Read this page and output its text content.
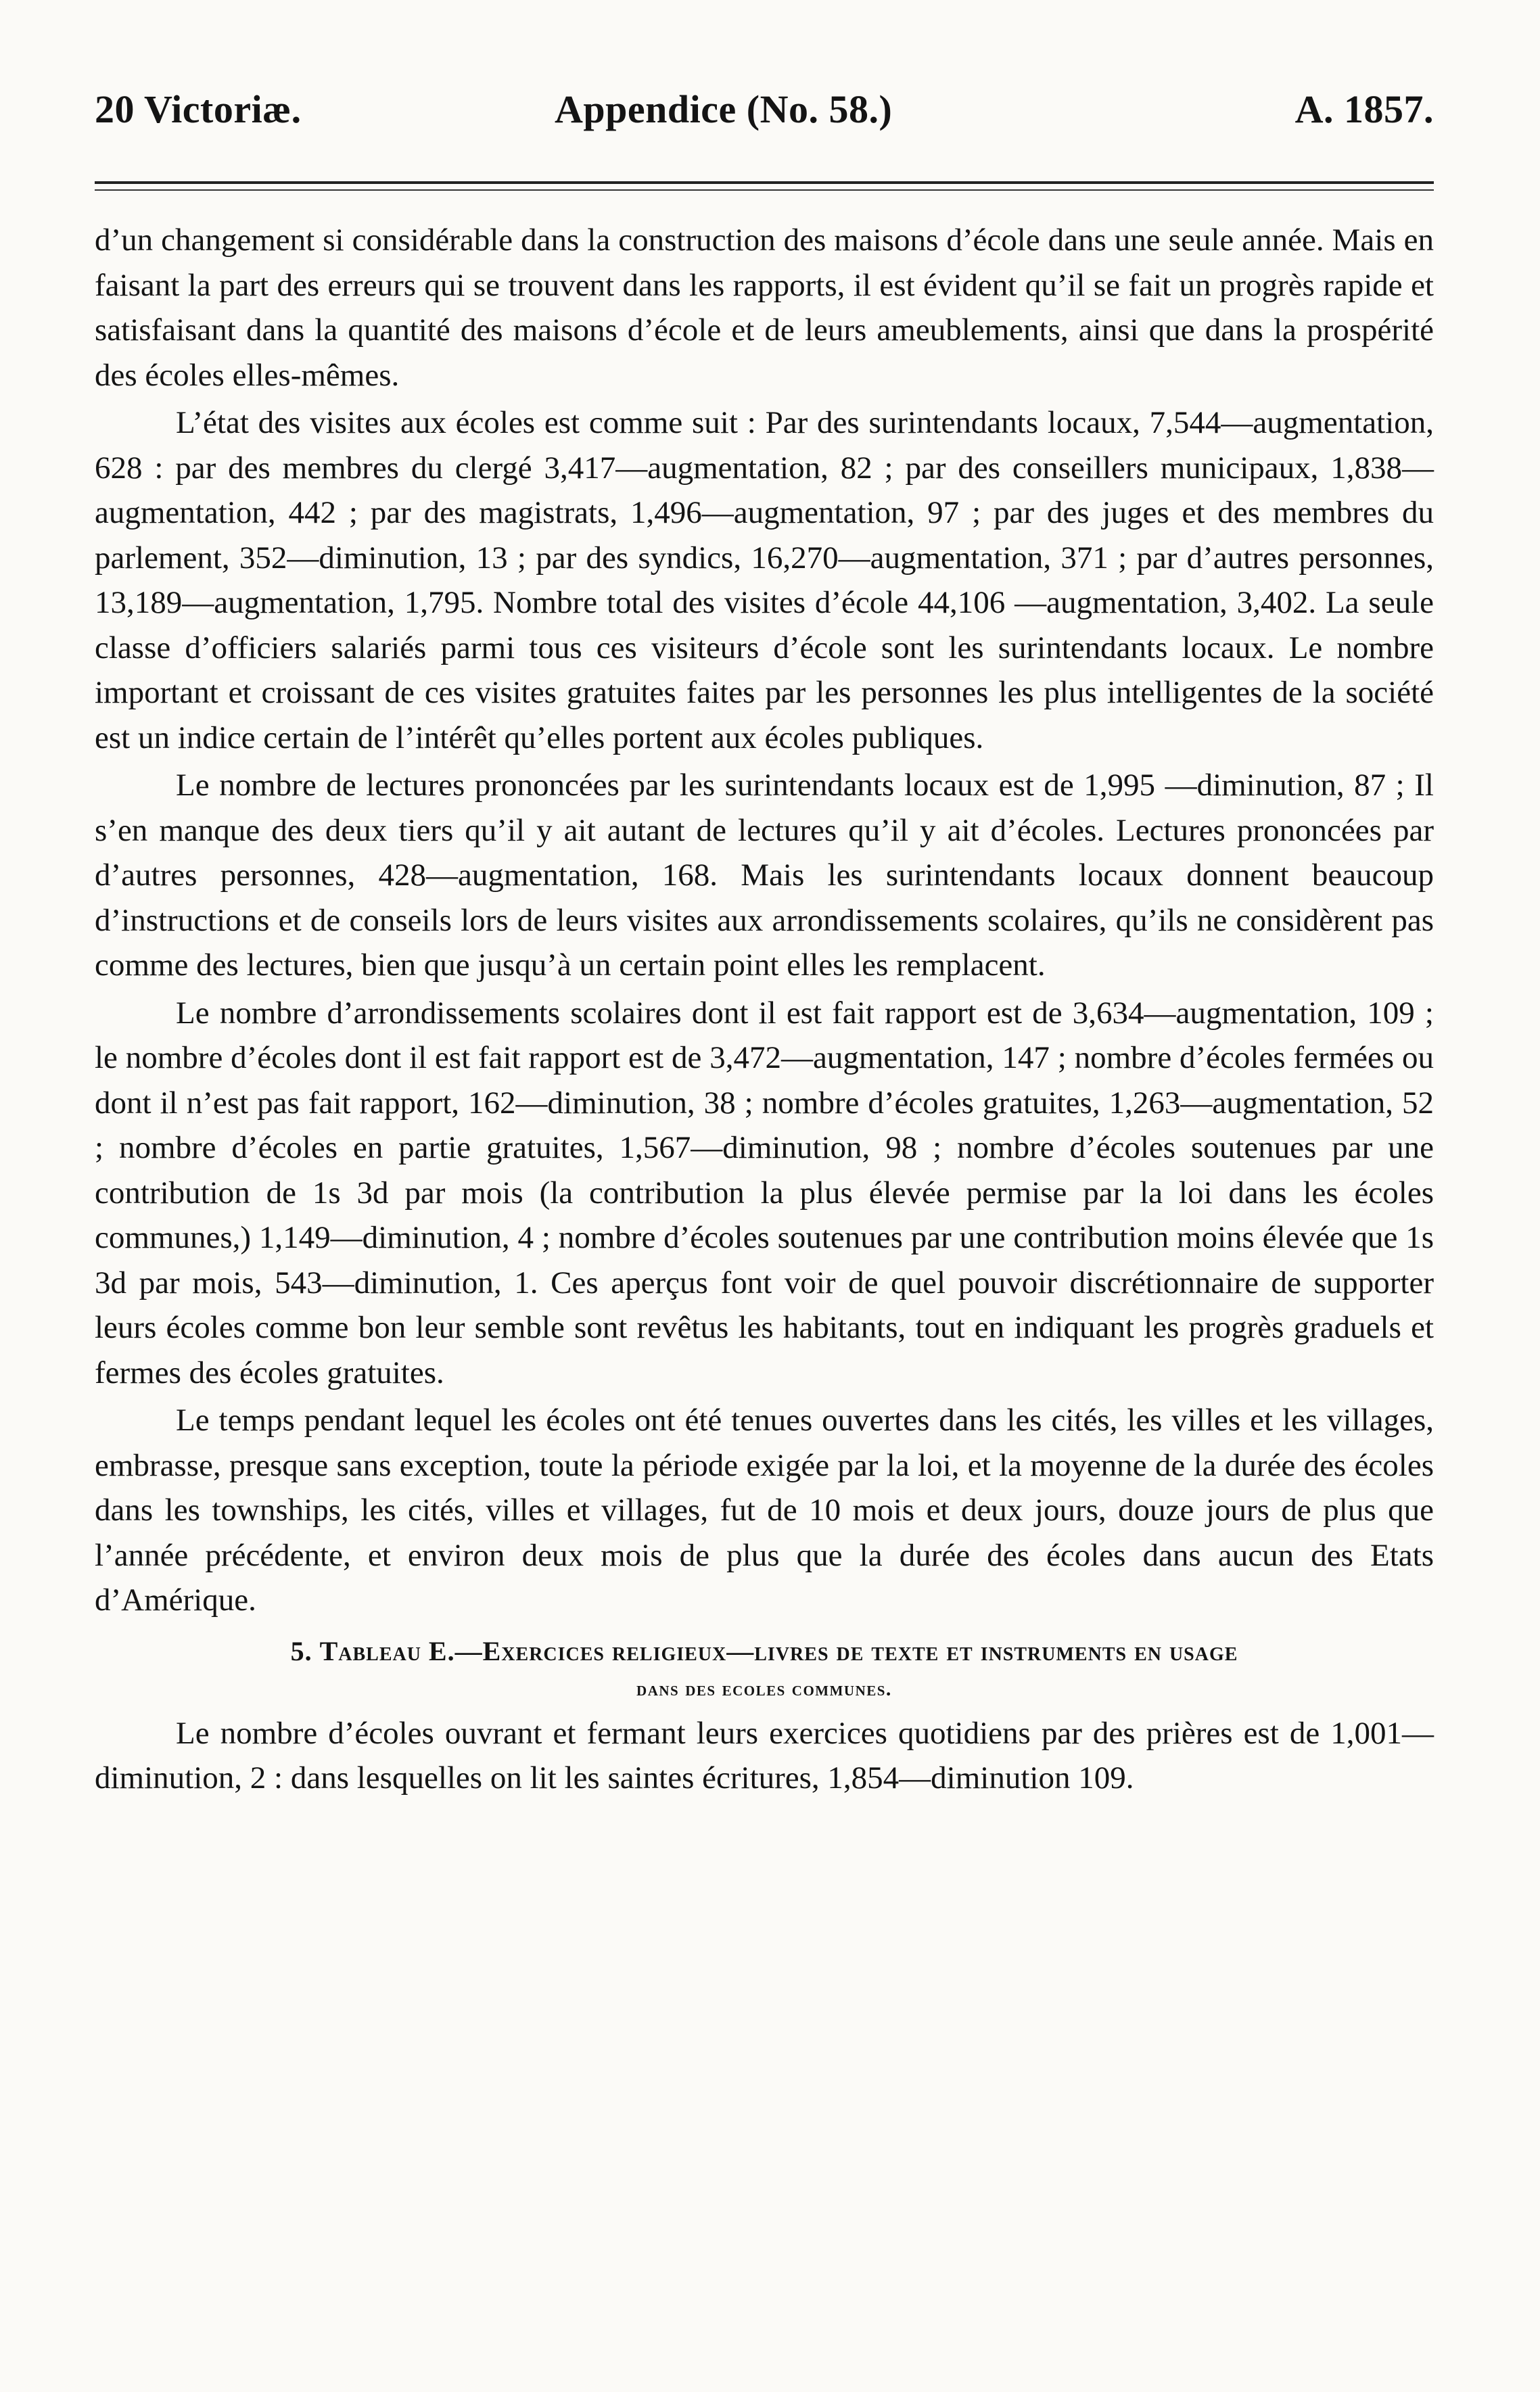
20 Victoriæ.	Appendice (No. 58.)	A. 1857.

d’un changement si considérable dans la construction des maisons d’école dans une seule année. Mais en faisant la part des erreurs qui se trouvent dans les rapports, il est évident qu’il se fait un progrès rapide et satisfaisant dans la quantité des maisons d’école et de leurs ameublements, ainsi que dans la prospérité des écoles elles-mêmes.

L’état des visites aux écoles est comme suit : Par des surintendants locaux, 7,544—augmentation, 628 : par des membres du clergé 3,417—augmentation, 82 ; par des conseillers municipaux, 1,838—augmentation, 442 ; par des magistrats, 1,496—augmentation, 97 ; par des juges et des membres du parlement, 352—diminution, 13 ; par des syndics, 16,270—augmentation, 371 ; par d’autres personnes, 13,189—augmentation, 1,795. Nombre total des visites d’école 44,106 —augmentation, 3,402. La seule classe d’officiers salariés parmi tous ces visiteurs d’école sont les surintendants locaux. Le nombre important et croissant de ces visites gratuites faites par les personnes les plus intelligentes de la société est un indice certain de l’intérêt qu’elles portent aux écoles publiques.

Le nombre de lectures prononcées par les surintendants locaux est de 1,995 —diminution, 87 ; Il s’en manque des deux tiers qu’il y ait autant de lectures qu’il y ait d’écoles. Lectures prononcées par d’autres personnes, 428—augmentation, 168. Mais les surintendants locaux donnent beaucoup d’instructions et de conseils lors de leurs visites aux arrondissements scolaires, qu’ils ne considèrent pas comme des lectures, bien que jusqu’à un certain point elles les remplacent.

Le nombre d’arrondissements scolaires dont il est fait rapport est de 3,634—augmentation, 109 ; le nombre d’écoles dont il est fait rapport est de 3,472—augmentation, 147 ; nombre d’écoles fermées ou dont il n’est pas fait rapport, 162—diminution, 38 ; nombre d’écoles gratuites, 1,263—augmentation, 52 ; nombre d’écoles en partie gratuites, 1,567—diminution, 98 ; nombre d’écoles soutenues par une contribution de 1s 3d par mois (la contribution la plus élevée permise par la loi dans les écoles communes,) 1,149—diminution, 4 ; nombre d’écoles soutenues par une contribution moins élevée que 1s 3d par mois, 543—diminution, 1. Ces aperçus font voir de quel pouvoir discrétionnaire de supporter leurs écoles comme bon leur semble sont revêtus les habitants, tout en indiquant les progrès graduels et fermes des écoles gratuites.

Le temps pendant lequel les écoles ont été tenues ouvertes dans les cités, les villes et les villages, embrasse, presque sans exception, toute la période exigée par la loi, et la moyenne de la durée des écoles dans les townships, les cités, villes et villages, fut de 10 mois et deux jours, douze jours de plus que l’année précédente, et environ deux mois de plus que la durée des écoles dans aucun des Etats d’Amérique.

5. Tableau E.—Exercices religieux—livres de texte et instruments en usage
dans des ecoles communes.

Le nombre d’écoles ouvrant et fermant leurs exercices quotidiens par des prières est de 1,001—diminution, 2 : dans lesquelles on lit les saintes écritures, 1,854—diminution 109.
